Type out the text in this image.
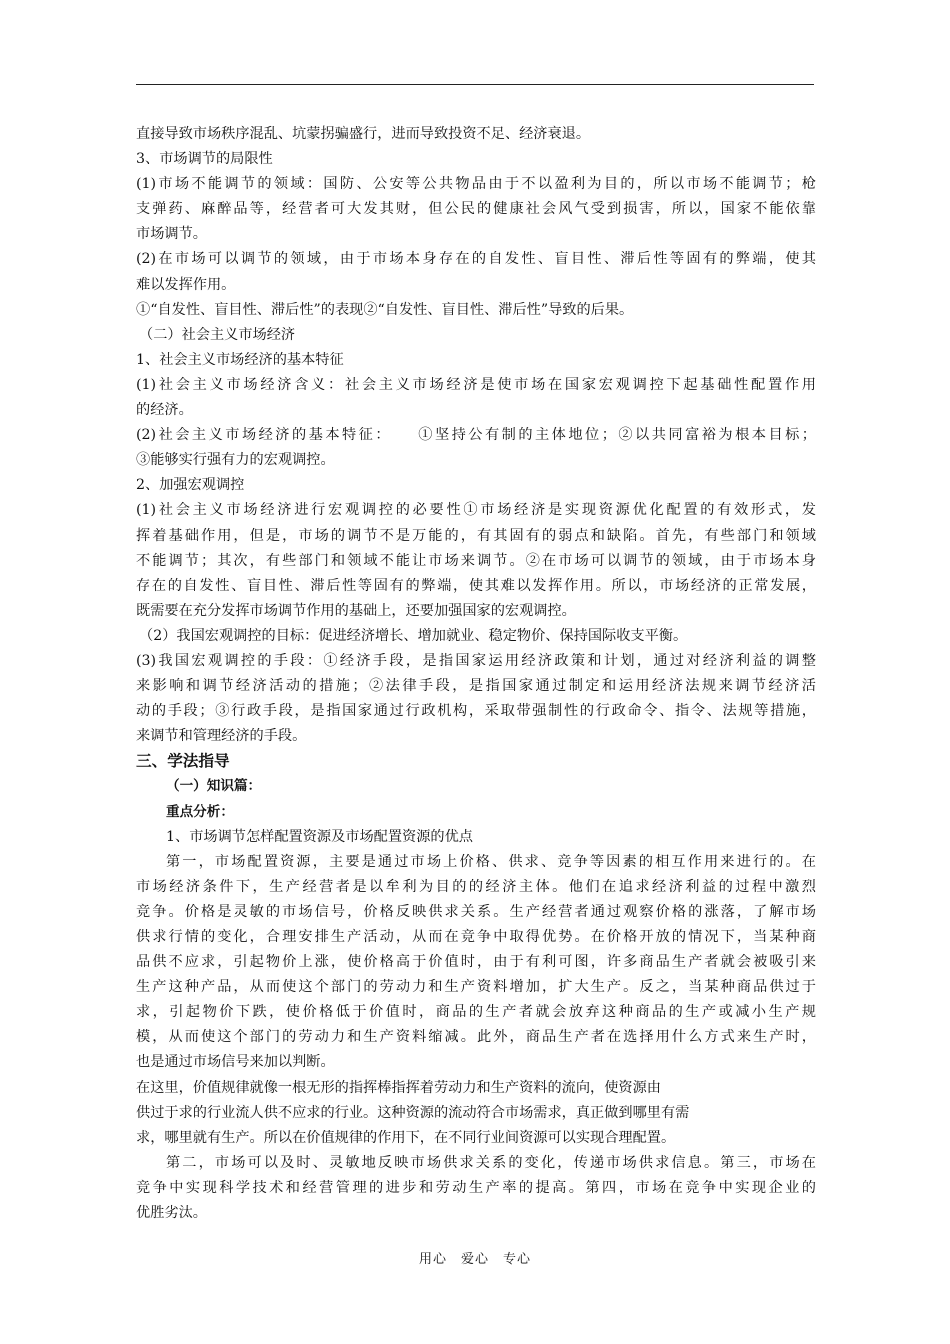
直接导致市场秩序混乱、坑蒙拐骗盛行，进而导致投资不足、经济衰退。
3、市场调节的局限性
(1)市场不能调节的领域：国防、公安等公共物品由于不以盈利为目的，所以市场不能调节；枪
支弹药、麻醉品等，经营者可大发其财，但公民的健康社会风气受到损害，所以，国家不能依靠
市场调节。
(2)在市场可以调节的领域，由于市场本身存在的自发性、盲目性、滞后性等固有的弊端，使其
难以发挥作用。
①“自发性、盲目性、滞后性”的表现②“自发性、盲目性、滞后性”导致的后果。
（二）社会主义市场经济
1、社会主义市场经济的基本特征
(1)社会主义市场经济含义：社会主义市场经济是使市场在国家宏观调控下起基础性配置作用
的经济。
(2)社会主义市场经济的基本特征：　　①坚持公有制的主体地位；②以共同富裕为根本目标；
③能够实行强有力的宏观调控。
2、加强宏观调控
(1)社会主义市场经济进行宏观调控的必要性①市场经济是实现资源优化配置的有效形式，发
挥着基础作用，但是，市场的调节不是万能的，有其固有的弱点和缺陷。首先，有些部门和领域
不能调节；其次，有些部门和领域不能让市场来调节。②在市场可以调节的领域，由于市场本身
存在的自发性、盲目性、滞后性等固有的弊端，使其难以发挥作用。所以，市场经济的正常发展，
既需要在充分发挥市场调节作用的基础上，还要加强国家的宏观调控。
（2）我国宏观调控的目标：促进经济增长、增加就业、稳定物价、保持国际收支平衡。
(3)我国宏观调控的手段：①经济手段，是指国家运用经济政策和计划，通过对经济利益的调整
来影响和调节经济活动的措施；②法律手段，是指国家通过制定和运用经济法规来调节经济活
动的手段；③行政手段，是指国家通过行政机构，采取带强制性的行政命令、指令、法规等措施，
来调节和管理经济的手段。
三、学法指导
（一）知识篇：
重点分析：
1、市场调节怎样配置资源及市场配置资源的优点
第一，市场配置资源，主要是通过市场上价格、供求、竞争等因素的相互作用来进行的。在
市场经济条件下，生产经营者是以牟利为目的的经济主体。他们在追求经济利益的过程中激烈
竞争。价格是灵敏的市场信号，价格反映供求关系。生产经营者通过观察价格的涨落，了解市场
供求行情的变化，合理安排生产活动，从而在竞争中取得优势。在价格开放的情况下，当某种商
品供不应求，引起物价上涨，使价格高于价值时，由于有利可图，许多商品生产者就会被吸引来
生产这种产品，从而使这个部门的劳动力和生产资料增加，扩大生产。反之，当某种商品供过于
求，引起物价下跌，使价格低于价值时，商品的生产者就会放弃这种商品的生产或减小生产规
模，从而使这个部门的劳动力和生产资料缩减。此外，商品生产者在选择用什么方式来生产时，
也是通过市场信号来加以判断。
在这里，价值规律就像一根无形的指挥棒指挥着劳动力和生产资料的流向，使资源由
供过于求的行业流人供不应求的行业。这种资源的流动符合市场需求，真正做到哪里有需
求，哪里就有生产。所以在价值规律的作用下，在不同行业间资源可以实现合理配置。
第二，市场可以及时、灵敏地反映市场供求关系的变化，传递市场供求信息。第三，市场在
竞争中实现科学技术和经营管理的进步和劳动生产率的提高。第四，市场在竞争中实现企业的
优胜劣汰。
用心　爱心　专心
